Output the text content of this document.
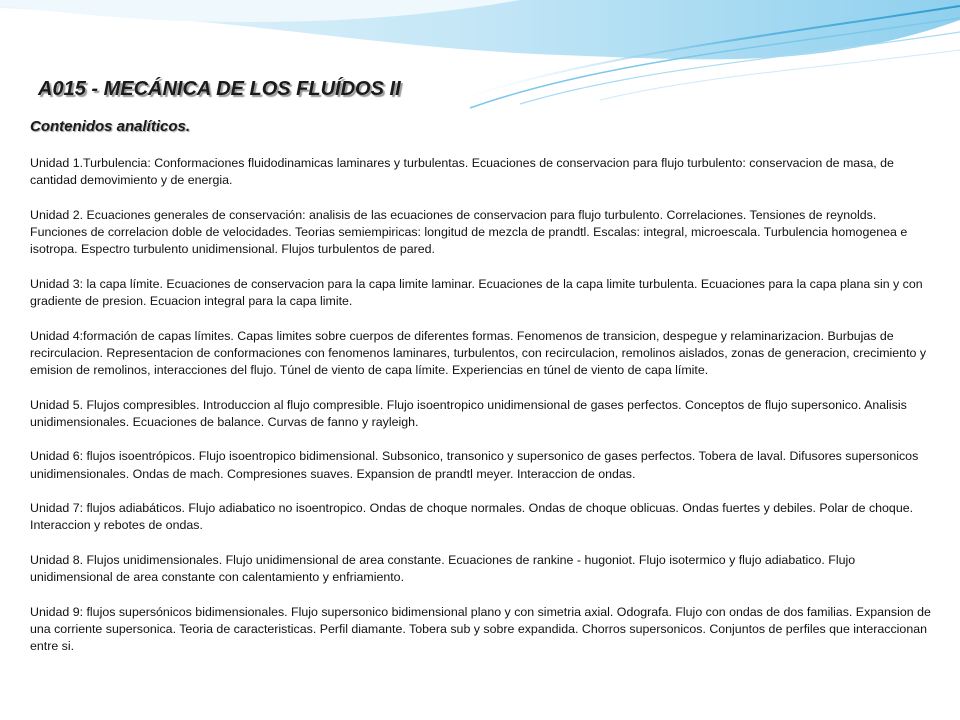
A015 - MECÁNICA DE LOS FLUÍDOS II
Contenidos analíticos.

Unidad 1.Turbulencia: Conformaciones fluidodinamicas laminares y turbulentas. Ecuaciones de conservacion para flujo turbulento: conservacion de masa, de cantidad demovimiento y de energia.

Unidad 2. Ecuaciones generales de conservación: analisis de las ecuaciones de conservacion para flujo turbulento. Correlaciones. Tensiones de reynolds. Funciones de correlacion doble de velocidades. Teorias semiempiricas: longitud de mezcla de prandtl. Escalas: integral, microescala. Turbulencia homogenea e isotropa. Espectro turbulento unidimensional. Flujos turbulentos de pared.

Unidad 3: la capa límite. Ecuaciones de conservacion para la capa limite laminar. Ecuaciones de la capa limite turbulenta. Ecuaciones para la capa plana sin y con gradiente de presion. Ecuacion integral para la capa limite.

Unidad 4:formación de capas límites. Capas limites sobre cuerpos de diferentes formas. Fenomenos de transicion, despegue y relaminarizacion. Burbujas de recirculacion. Representacion de conformaciones con fenomenos laminares, turbulentos, con recirculacion, remolinos aislados, zonas de generacion, crecimiento y emision de remolinos, interacciones del flujo. Túnel de viento de capa límite. Experiencias en túnel de viento de capa límite.

Unidad 5. Flujos compresibles. Introduccion al flujo compresible. Flujo isoentropico unidimensional de gases perfectos. Conceptos de flujo supersonico. Analisis unidimensionales. Ecuaciones de balance. Curvas de fanno y rayleigh.

Unidad 6: flujos isoentrópicos. Flujo isoentropico bidimensional. Subsonico, transonico y supersonico de gases perfectos. Tobera de laval. Difusores supersonicos unidimensionales. Ondas de mach. Compresiones suaves. Expansion de prandtl meyer. Interaccion de ondas.

Unidad 7: flujos adiabáticos. Flujo adiabatico no isoentropico. Ondas de choque normales. Ondas de choque oblicuas. Ondas fuertes y debiles. Polar de choque. Interaccion y rebotes de ondas.

Unidad 8. Flujos unidimensionales. Flujo unidimensional de area constante. Ecuaciones de rankine - hugoniot. Flujo isotermico y flujo adiabatico. Flujo unidimensional de area constante con calentamiento y enfriamiento.

Unidad 9: flujos supersónicos bidimensionales. Flujo supersonico bidimensional plano y con simetria axial. Odografa. Flujo con ondas de dos familias. Expansion de una corriente supersonica. Teoria de caracteristicas. Perfil diamante. Tobera sub y sobre expandida. Chorros supersonicos. Conjuntos de perfiles que interaccionan entre si.
